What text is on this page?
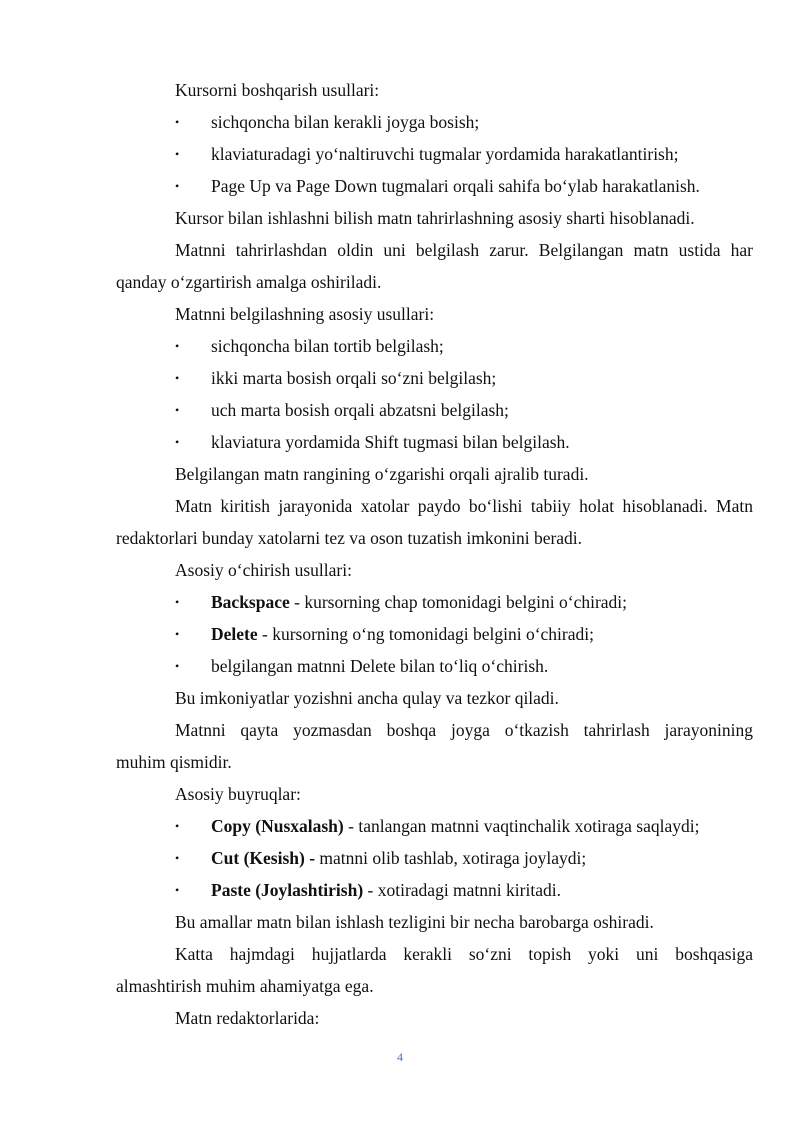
Kursorni boshqarish usullari:
• sichqoncha bilan kerakli joyga bosish;
• klaviaturadagi yo‘naltiruvchi tugmalar yordamida harakatlantirish;
• Page Up va Page Down tugmalari orqali sahifa bo‘ylab harakatlanish.
Kursor bilan ishlashni bilish matn tahrirlashning asosiy sharti hisoblanadi.
Matnni tahrirlashdan oldin uni belgilash zarur. Belgilangan matn ustida har
qanday o‘zgartirish amalga oshiriladi.
Matnni belgilashning asosiy usullari:
• sichqoncha bilan tortib belgilash;
• ikki marta bosish orqali so‘zni belgilash;
• uch marta bosish orqali abzatsni belgilash;
• klaviatura yordamida Shift tugmasi bilan belgilash.
Belgilangan matn rangining o‘zgarishi orqali ajralib turadi.
Matn kiritish jarayonida xatolar paydo bo‘lishi tabiiy holat hisoblanadi. Matn
redaktorlari bunday xatolarni tez va oson tuzatish imkonini beradi.
Asosiy o‘chirish usullari:
• Backspace - kursorning chap tomonidagi belgini o‘chiradi;
• Delete - kursorning o‘ng tomonidagi belgini o‘chiradi;
• belgilangan matnni Delete bilan to‘liq o‘chirish.
Bu imkoniyatlar yozishni ancha qulay va tezkor qiladi.
Matnni qayta yozmasdan boshqa joyga o‘tkazish tahrirlash jarayonining
muhim qismidir.
Asosiy buyruqlar:
• Copy (Nusxalash) - tanlangan matnni vaqtinchalik xotiraga saqlaydi;
• Cut (Kesish) - matnni olib tashlab, xotiraga joylaydi;
• Paste (Joylashtirish) - xotiradagi matnni kiritadi.
Bu amallar matn bilan ishlash tezligini bir necha barobarga oshiradi.
Katta hajmdagi hujjatlarda kerakli so‘zni topish yoki uni boshqasiga
almashtirish muhim ahamiyatga ega.
Matn redaktorlarida:
4
